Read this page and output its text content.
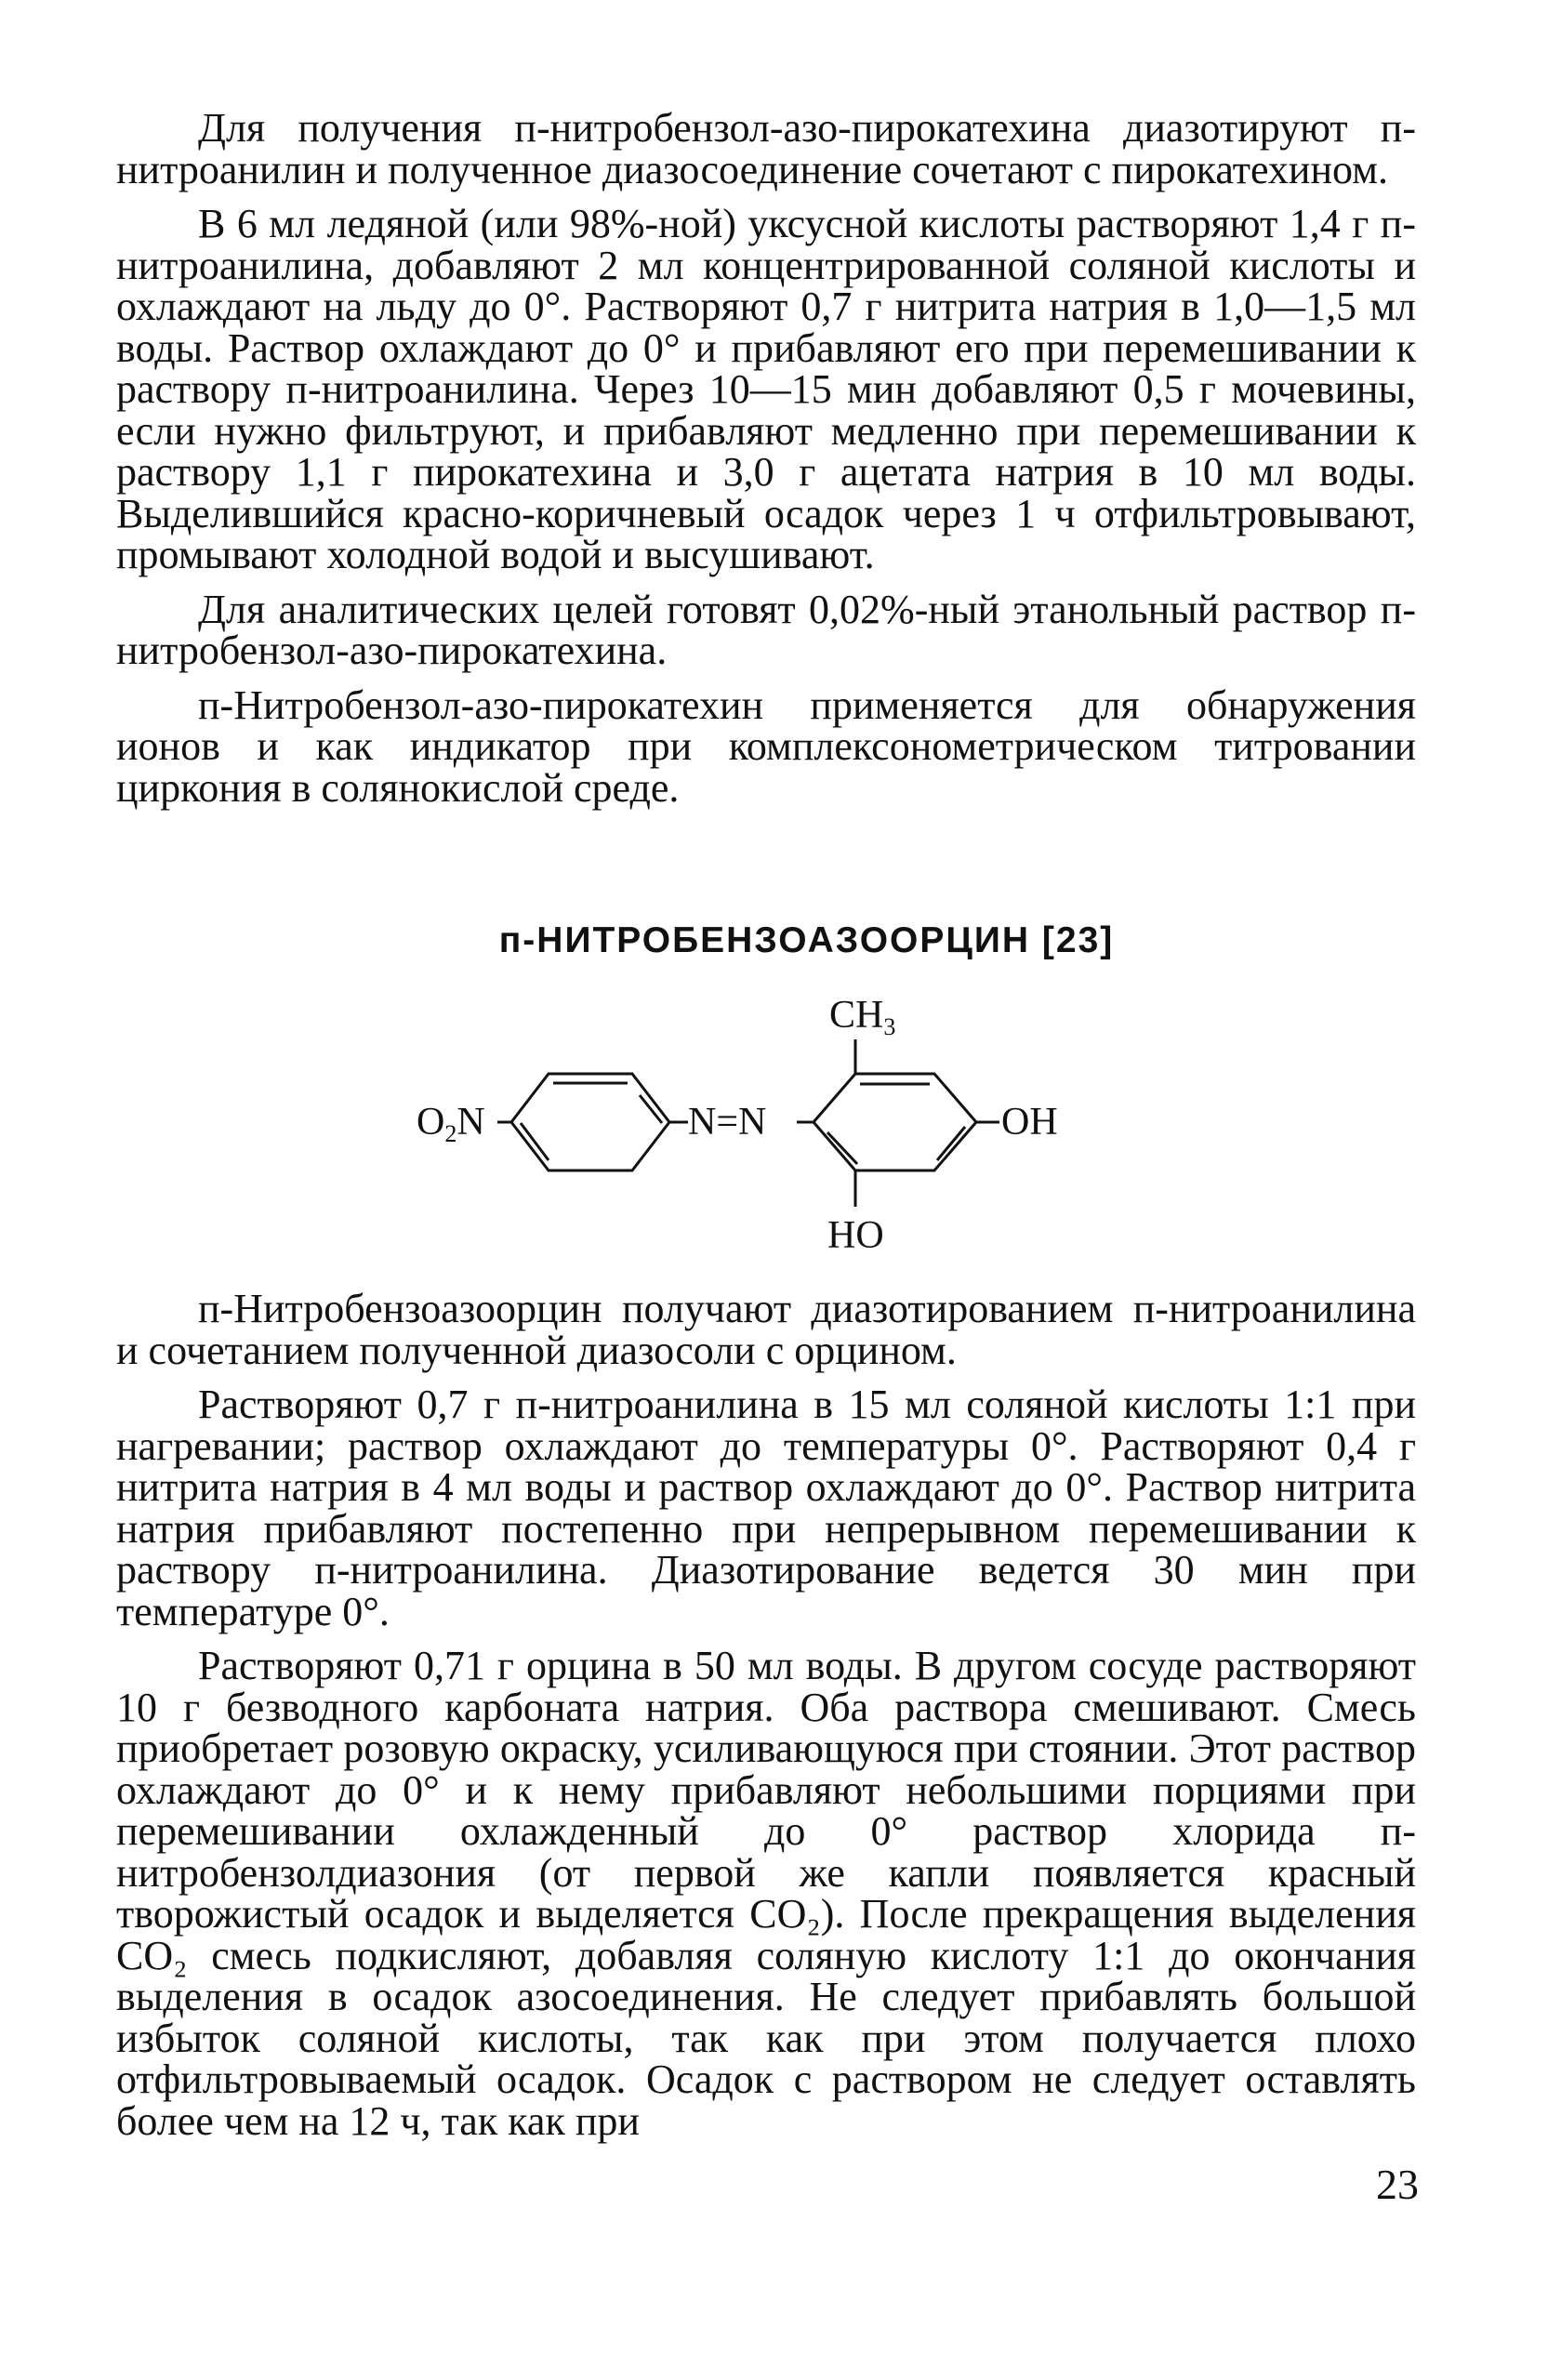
Для получения п-нитробензол-азо-пирокатехина диазотируют п-нитроанилин и полученное диазосоединение сочетают с пирокатехином.

В 6 мл ледяной (или 98%-ной) уксусной кислоты растворяют 1,4 г п-нитроанилина, добавляют 2 мл концентрированной соляной кислоты и охлаждают на льду до 0°. Растворяют 0,7 г нитрита натрия в 1,0—1,5 мл воды. Раствор охлаждают до 0° и прибавляют его при перемешивании к раствору п-нитроанилина. Через 10—15 мин добавляют 0,5 г мочевины, если нужно фильтруют, и прибавляют медленно при перемешивании к раствору 1,1 г пирокатехина и 3,0 г ацетата натрия в 10 мл воды. Выделившийся красно-коричневый осадок через 1 ч отфильтровывают, промывают холодной водой и высушивают.

Для аналитических целей готовят 0,02%-ный этанольный раствор п-нитробензол-азо-пирокатехина.

п-Нитробензол-азо-пирокатехин применяется для обнаружения ионов и как индикатор при комплексонометрическом титровании циркония в солянокислой среде.

п-НИТРОБЕНЗОАЗООРЦИН [23]
O2N	N=N
CH3
OH
HO

п-Нитробензоазоорцин получают диазотированием п-нитроанилина и сочетанием полученной диазосоли с орцином.

Растворяют 0,7 г п-нитроанилина в 15 мл соляной кислоты 1:1 при нагревании; раствор охлаждают до температуры 0°. Растворяют 0,4 г нитрита натрия в 4 мл воды и раствор охлаждают до 0°. Раствор нитрита натрия прибавляют постепенно при непрерывном перемешивании к раствору п-нитроанилина. Диазотирование ведется 30 мин при температуре 0°.

Растворяют 0,71 г орцина в 50 мл воды. В другом сосуде растворяют 10 г безводного карбоната натрия. Оба раствора смешивают. Смесь приобретает розовую окраску, усиливающуюся при стоянии. Этот раствор охлаждают до 0° и к нему прибавляют небольшими порциями при перемешивании охлажденный до 0° раствор хлорида п-нитробензолдиазония (от первой же капли появляется красный творожистый осадок и выделяется CO₂). После прекращения выделения CO₂ смесь подкисляют, добавляя соляную кислоту 1:1 до окончания выделения в осадок азосоединения. Не следует прибавлять большой избыток соляной кислоты, так как при этом получается плохо отфильтровываемый осадок. Осадок с раствором не следует оставлять более чем на 12 ч, так как при

23
